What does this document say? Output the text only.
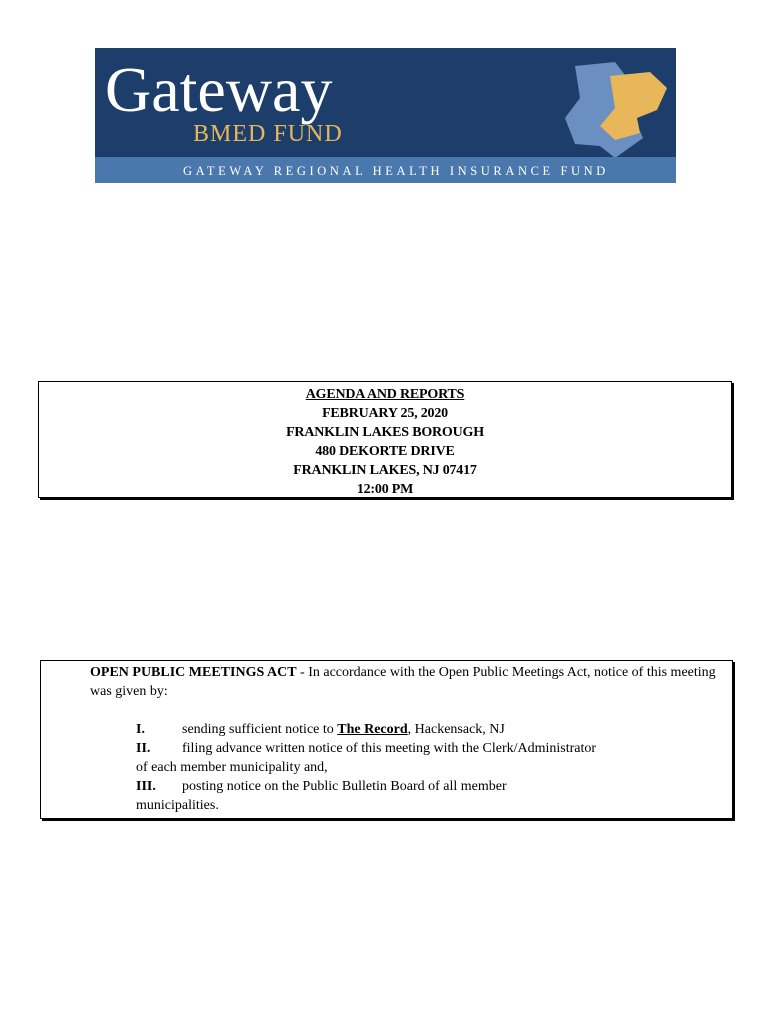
Gateway
BMED FUND
GATEWAY REGIONAL HEALTH INSURANCE FUND
AGENDA AND REPORTS
FEBRUARY 25, 2020
FRANKLIN LAKES BOROUGH
480 DEKORTE DRIVE
FRANKLIN LAKES, NJ 07417
12:00 PM
OPEN PUBLIC MEETINGS ACT - In accordance with the Open Public Meetings Act, notice of this meeting was given by:
I.	sending sufficient notice to The Record, Hackensack, NJ
II. filing advance written notice of this meeting with the Clerk/Administrator
of each member municipality and,
III. posting notice on the Public Bulletin Board of all member
municipalities.
